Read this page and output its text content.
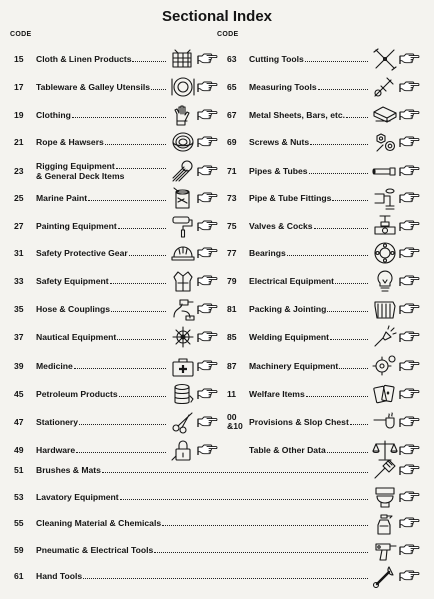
Sectional Index
CODE	CODE
15	Cloth & Linen Products
17	Tableware & Galley Utensils
19	Clothing
21	Rope & Hawsers
23	Rigging Equipment
& General Deck Items
25	Marine Paint
27	Painting Equipment
31	Safety Protective Gear
33	Safety Equipment
35	Hose & Couplings
37	Nautical Equipment
39	Medicine
45	Petroleum Products
47	Stationery
49	Hardware
63	Cutting Tools
65	Measuring Tools
67	Metal Sheets, Bars, etc.
69	Screws & Nuts
71	Pipes & Tubes
73	Pipe & Tube Fittings
75	Valves & Cocks
77	Bearings
79	Electrical Equipment
81	Packing & Jointing
85	Welding Equipment
87	Machinery Equipment
11	Welfare Items
00
&10 Provisions & Slop Chest
Table & Other Data
51	Brushes & Mats
53	Lavatory Equipment
55	Cleaning Material & Chemicals
59	Pneumatic & Electrical Tools
61	Hand Tools
